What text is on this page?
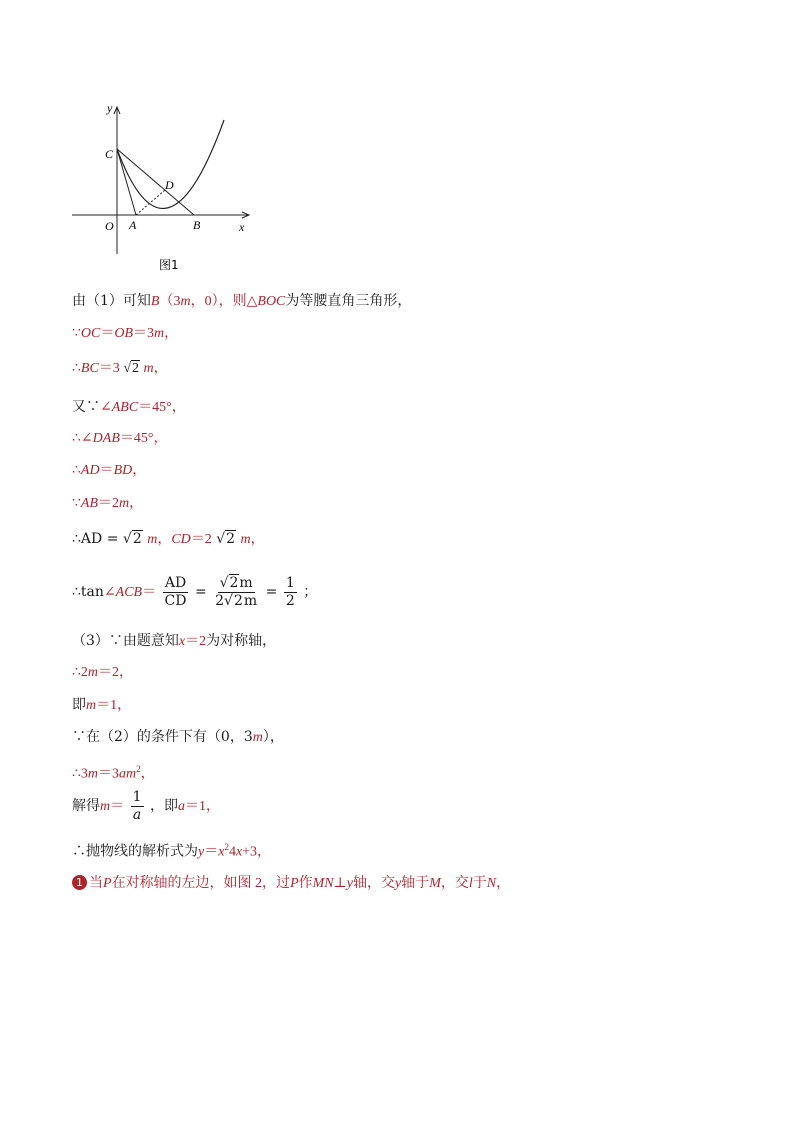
y
x
O A	B
C
D
图1
由（1）可知B（3m，0），则△BOC为等腰直角三角形，
∵OC＝OB＝3m，
∴BC＝3 √2 m，
又∵∠ABC＝45°，
∴∠DAB＝45°，
∴AD＝BD，
∵AB＝2m，
∴AD = √2 m，CD＝2 √2 m，
∴tan∠ACB＝ $\frac{AD}{CD} = \frac{√2m}{2√2m} = \frac{1}{2}$ ；
（3）∵由题意知x＝2为对称轴，
∴2m＝2，
即m＝1，
∵在（2）的条件下有（0，3m），
$\therefore 3m=3am^2$，
解得$m= \frac{1}{a}$ ，即a＝1，
∴抛物线的解析式为$y=x^24x+3$，
1 当P在对称轴的左边，如图 2，过P作MN⊥y轴，交y轴于M，交l于N，
